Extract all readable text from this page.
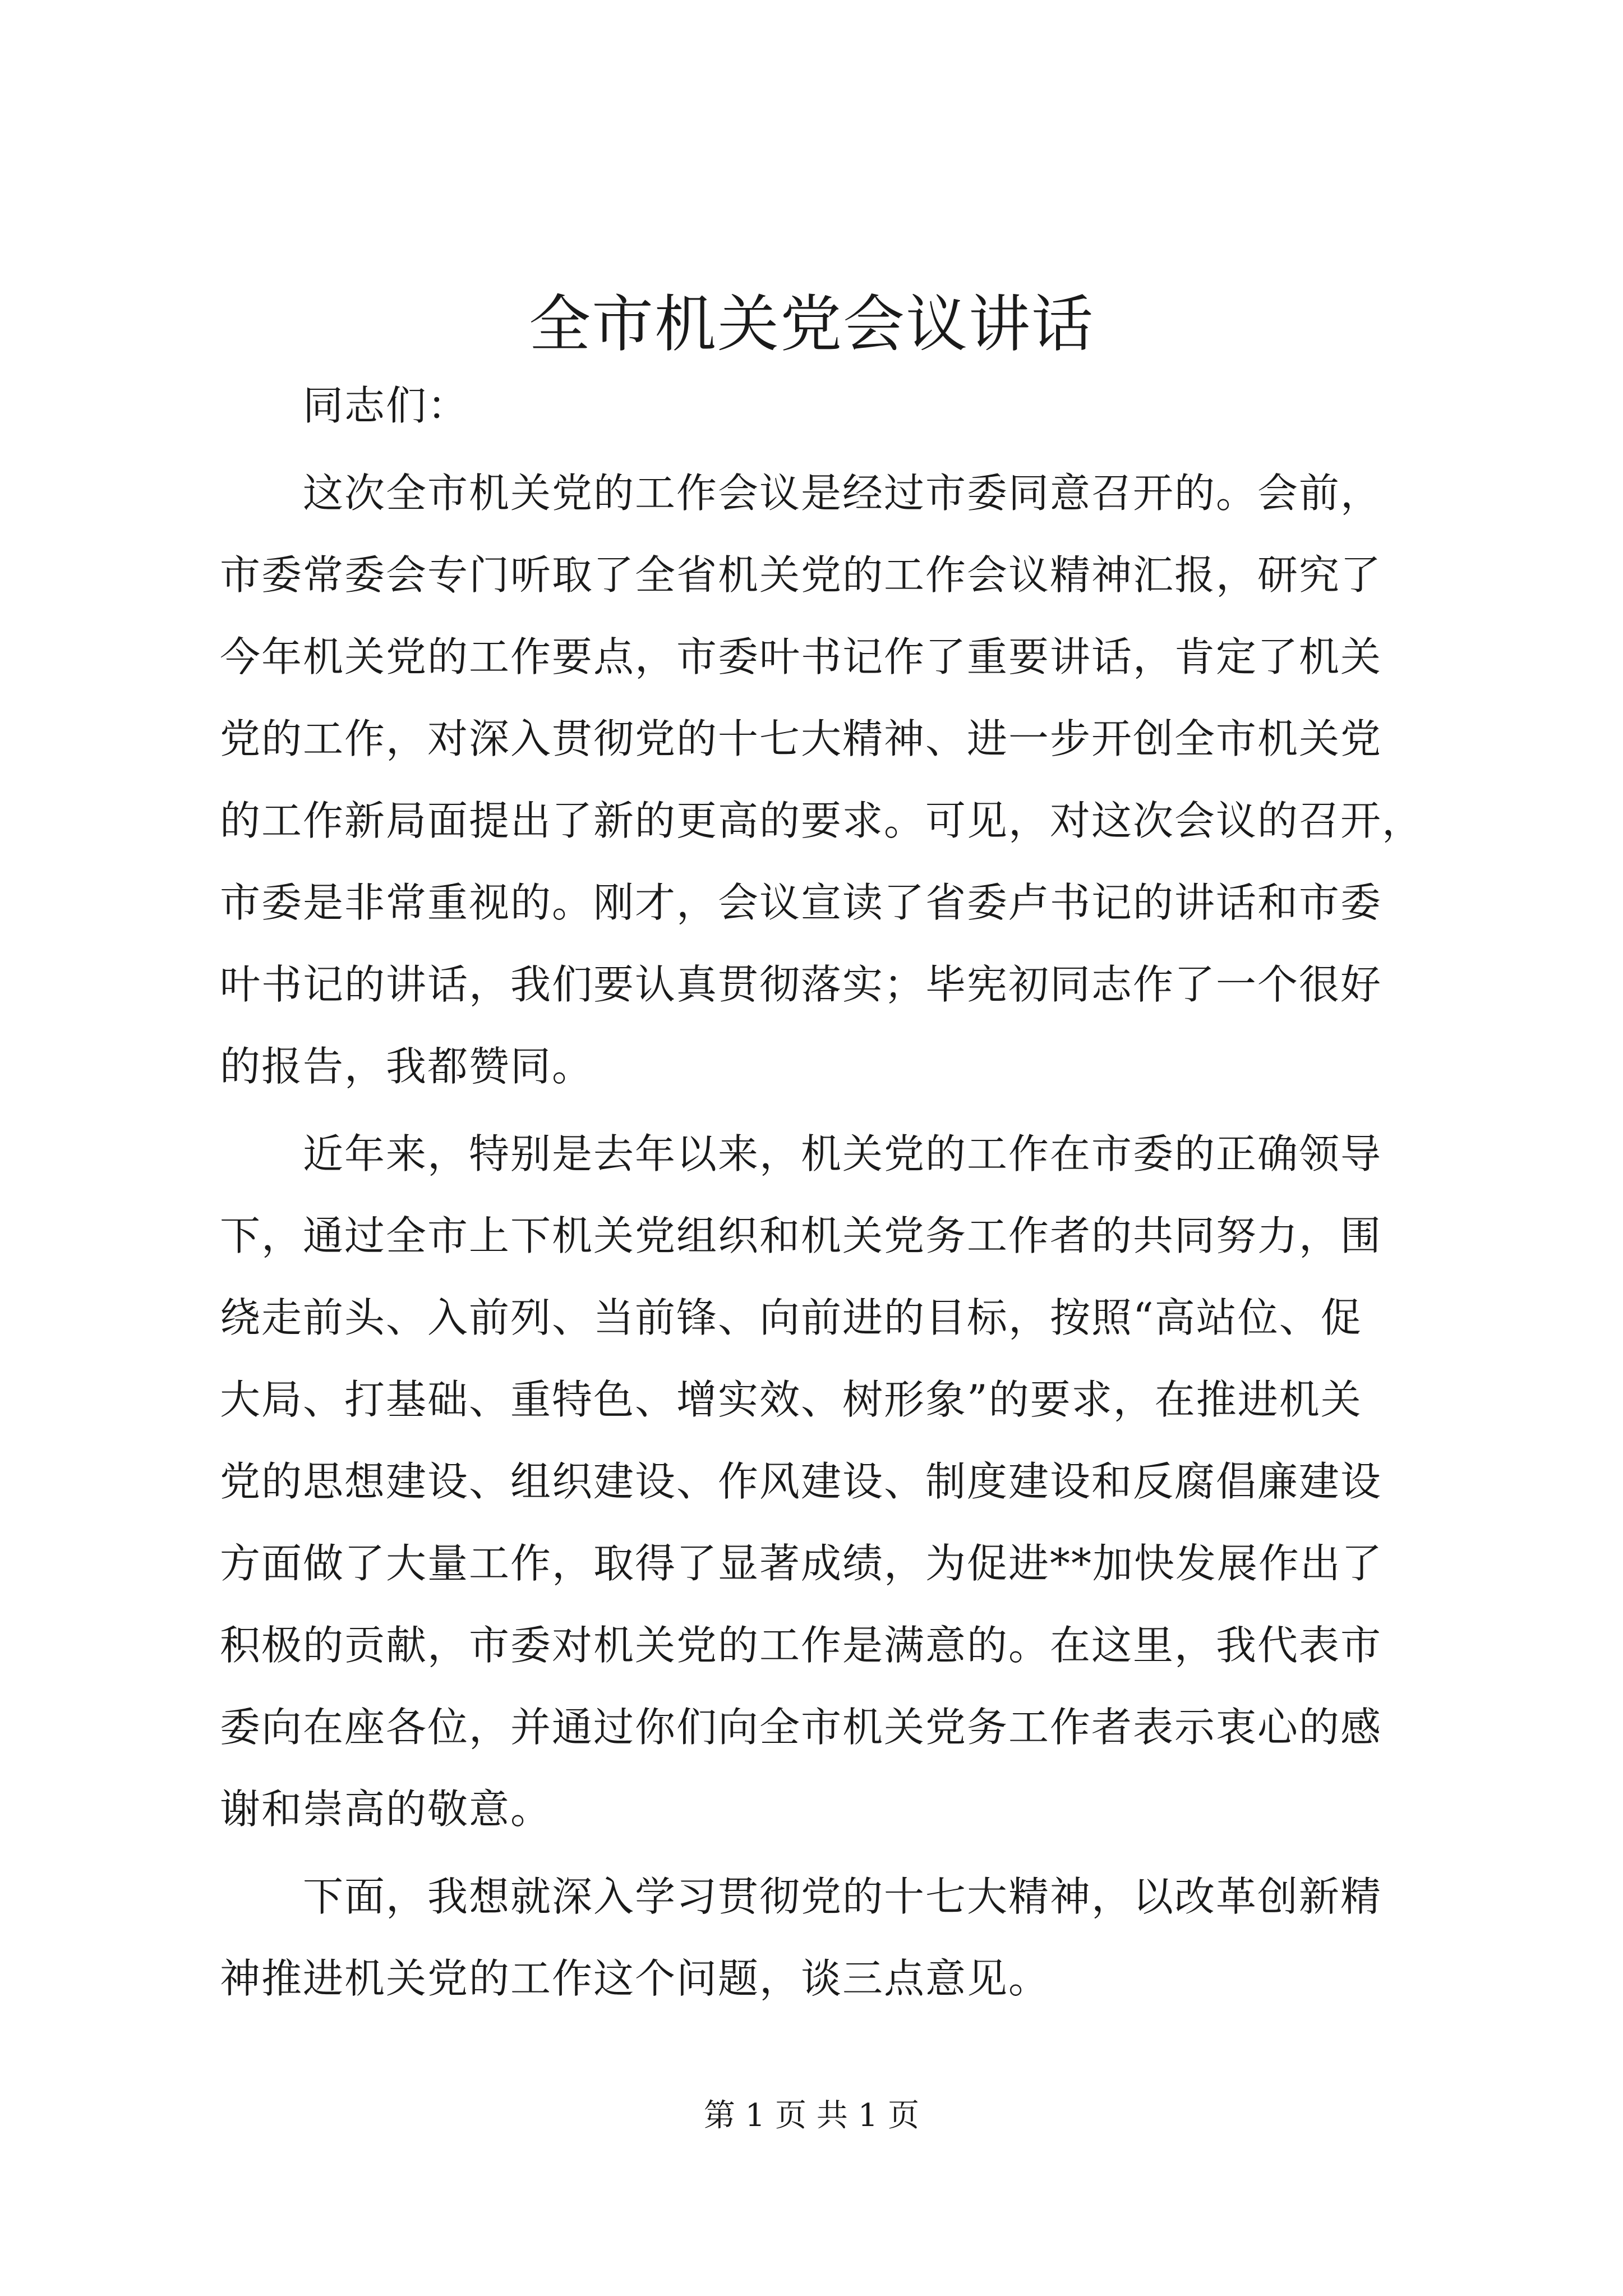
全市机关党会议讲话
　　同志们：
　　这次全市机关党的工作会议是经过市委同意召开的。会前，
市委常委会专门听取了全省机关党的工作会议精神汇报，研究了
今年机关党的工作要点，市委叶书记作了重要讲话，肯定了机关
党的工作，对深入贯彻党的十七大精神、进一步开创全市机关党
的工作新局面提出了新的更高的要求。可见，对这次会议的召开，
市委是非常重视的。刚才，会议宣读了省委卢书记的讲话和市委
叶书记的讲话，我们要认真贯彻落实；毕宪初同志作了一个很好
的报告，我都赞同。
　　近年来，特别是去年以来，机关党的工作在市委的正确领导
下，通过全市上下机关党组织和机关党务工作者的共同努力，围
绕走前头、入前列、当前锋、向前进的目标，按照“高站位、促
大局、打基础、重特色、增实效、树形象”的要求，在推进机关
党的思想建设、组织建设、作风建设、制度建设和反腐倡廉建设
方面做了大量工作，取得了显著成绩，为促进**加快发展作出了
积极的贡献，市委对机关党的工作是满意的。在这里，我代表市
委向在座各位，并通过你们向全市机关党务工作者表示衷心的感
谢和崇高的敬意。
　　下面，我想就深入学习贯彻党的十七大精神，以改革创新精
神推进机关党的工作这个问题，谈三点意见。
第 1 页 共 1 页
